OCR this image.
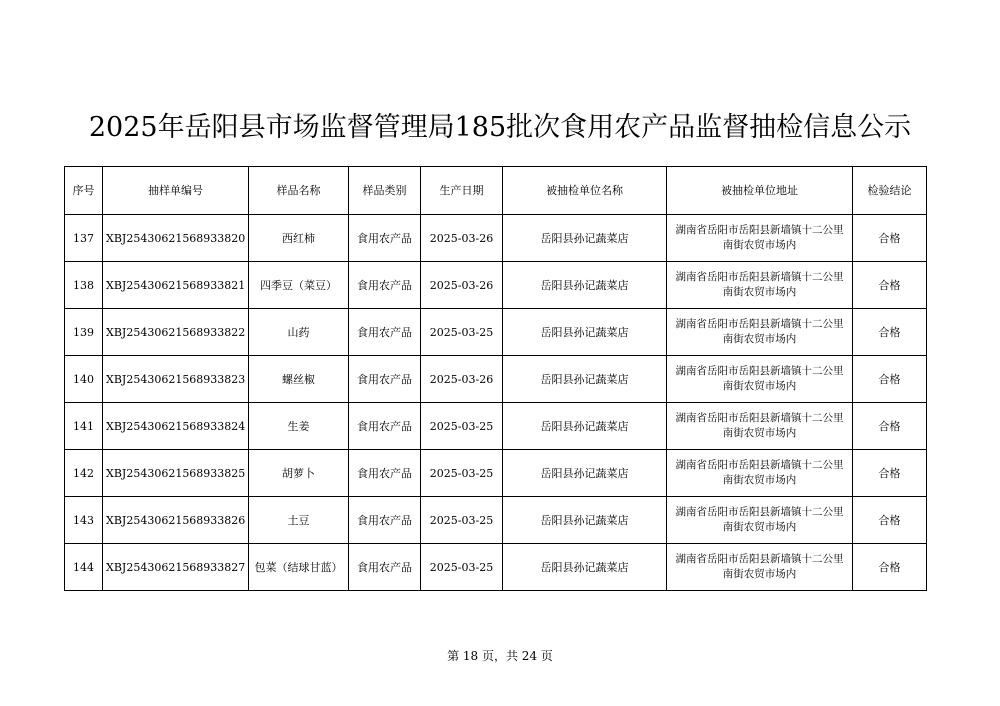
2025年岳阳县市场监督管理局185批次食用农产品监督抽检信息公示
序号	抽样单编号	样品名称	样品类别	生产日期	被抽检单位名称	被抽检单位地址	检验结论
137	XBJ25430621568933820	西红柿	食用农产品	2025-03-26	岳阳县孙记蔬菜店	湖南省岳阳市岳阳县新墙镇十二公里南街农贸市场内	合格
138	XBJ25430621568933821	四季豆（菜豆）	食用农产品	2025-03-26	岳阳县孙记蔬菜店	湖南省岳阳市岳阳县新墙镇十二公里南街农贸市场内	合格
139	XBJ25430621568933822	山药	食用农产品	2025-03-25	岳阳县孙记蔬菜店	湖南省岳阳市岳阳县新墙镇十二公里南街农贸市场内	合格
140	XBJ25430621568933823	螺丝椒	食用农产品	2025-03-26	岳阳县孙记蔬菜店	湖南省岳阳市岳阳县新墙镇十二公里南街农贸市场内	合格
141	XBJ25430621568933824	生姜	食用农产品	2025-03-25	岳阳县孙记蔬菜店	湖南省岳阳市岳阳县新墙镇十二公里南街农贸市场内	合格
142	XBJ25430621568933825	胡萝卜	食用农产品	2025-03-25	岳阳县孙记蔬菜店	湖南省岳阳市岳阳县新墙镇十二公里南街农贸市场内	合格
143	XBJ25430621568933826	土豆	食用农产品	2025-03-25	岳阳县孙记蔬菜店	湖南省岳阳市岳阳县新墙镇十二公里南街农贸市场内	合格
144	XBJ25430621568933827	包菜（结球甘蓝）	食用农产品	2025-03-25	岳阳县孙记蔬菜店	湖南省岳阳市岳阳县新墙镇十二公里南街农贸市场内	合格
第 18 页，共 24 页
